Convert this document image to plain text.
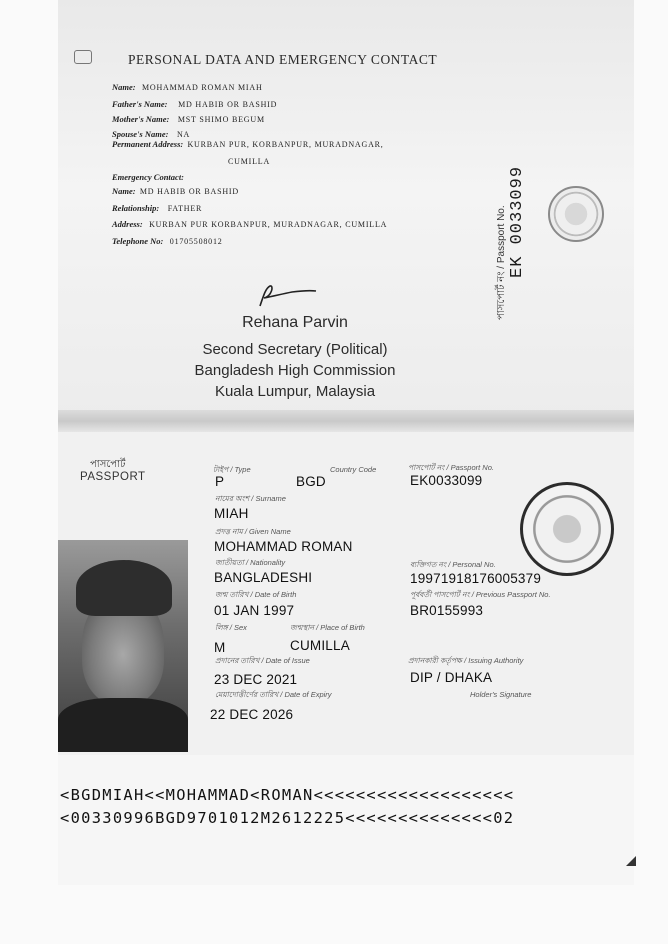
PERSONAL DATA AND EMERGENCY CONTACT
Name: MOHAMMAD ROMAN MIAH
Father's Name: MD HABIB OR BASHID
Mother's Name: MST SHIMO BEGUM
Spouse's Name: NA
Permanent Address: KURBAN PUR, KORBANPUR, MURADNAGAR,
CUMILLA
Emergency Contact:
Name: MD HABIB OR BASHID
Relationship: FATHER
Address: KURBAN PUR KORBANPUR, MURADNAGAR, CUMILLA
Telephone No: 01705508012	পাসপোর্ট নং / Passport No. EK 0033099
Rehana Parvin
Second Secretary (Political)
Bangladesh High Commission
Kuala Lumpur, Malaysia
পাসপোর্ট
PASSPORT
টাইপ / Type	Country Code	পাসপোর্ট নং / Passport No.
P	BGD	EK0033099
নামের অংশ / Surname
MIAH
প্রদত্ত নাম / Given Name
MOHAMMAD ROMAN
জাতীয়তা / Nationality
BANGLADESHI
ব্যক্তিগত নং / Personal No.
19971918176005379
জন্ম তারিখ / Date of Birth
01 JAN 1997
পূর্ববর্তী পাসপোর্ট নং / Previous Passport No.
BR0155993
লিঙ্গ / Sex	জন্মস্থান / Place of Birth
M	CUMILLA
প্রদানের তারিখ / Date of Issue
23 DEC 2021
প্রদানকারী কর্তৃপক্ষ / Issuing Authority
DIP / DHAKA
মেয়াদোত্তীর্ণের তারিখ / Date of Expiry	Holder's Signature
22 DEC 2026
<BGDMIAH<<MOHAMMAD<ROMAN<<<<<<<<<<<<<<<<<<<
<00330996BGD9701012M2612225<<<<<<<<<<<<<<02
